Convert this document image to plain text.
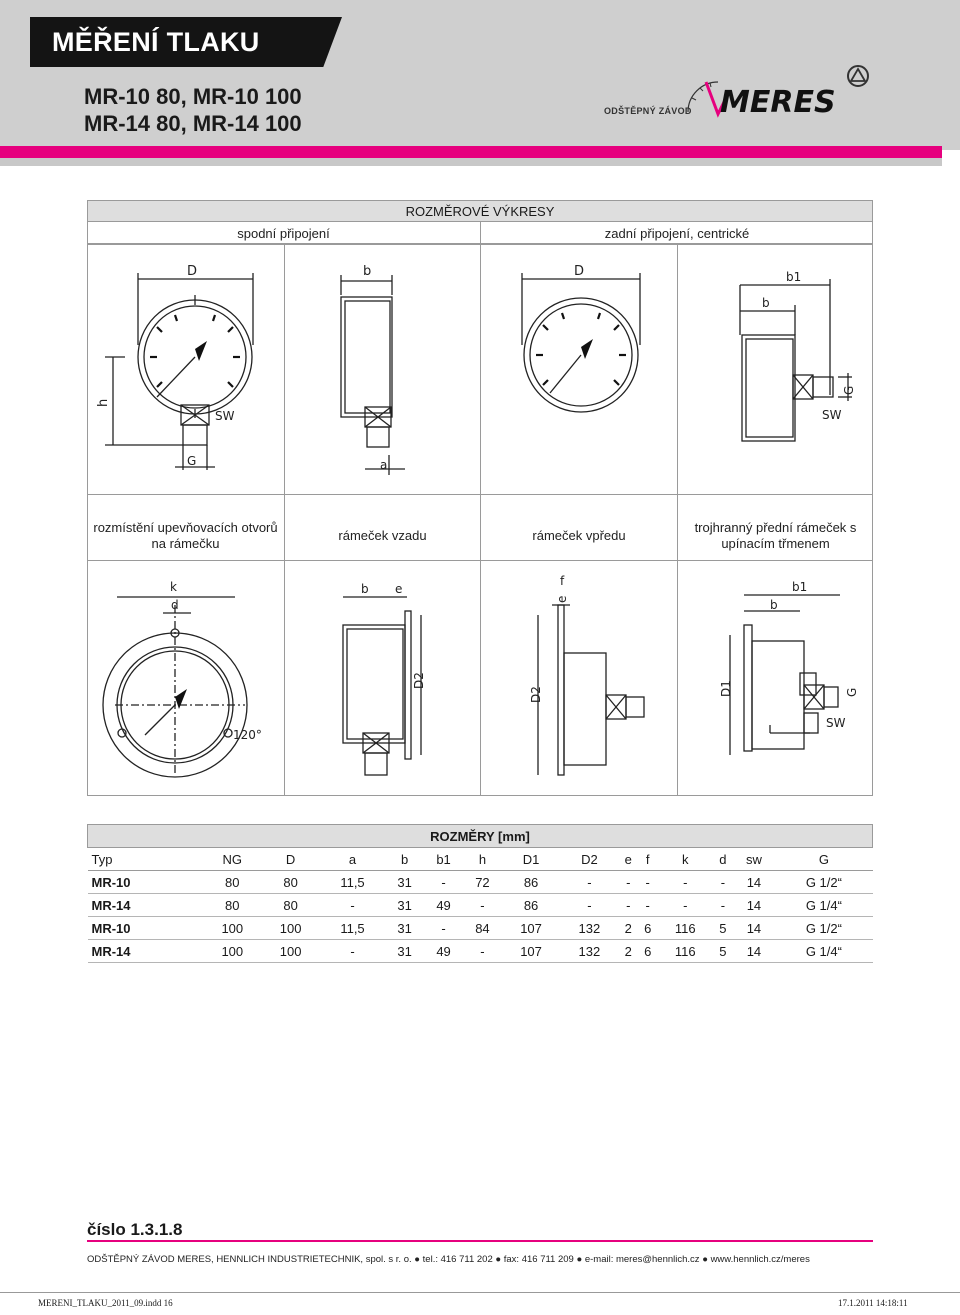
MĚŘENÍ TLAKU
MR-10 80, MR-10 100
MR-14 80, MR-14 100	ODŠTĚPNÝ ZÁVOD MERES
ROZMĚROVÉ VÝKRESY
spodní připojení	zadní připojení, centrické
rozmístění upevňovacích otvorů na rámečku
rámeček vzadu	rámeček vpředu
trojhranný přední rámeček s upínacím třmenem
D
h
SW
G
b
a
D	b1
b
SW
G
k
d
120°
b e
D2
f
e
D2
b1
b
SW
G
D1
ROZMĚRY [mm]														
Typ	NG	D	a	b	b1	h	D1	D2	e	f	k	d	sw	G
MR-10	80	80	11,5	31	-	72	86	-	-	-	-	-	14	G 1/2“
MR-14	80	80	-	31	49	-	86	-	-	-	-	-	14	G 1/4“
MR-10	100	100	11,5	31	-	84	107	132	2	6	116	5	14	G 1/2“
MR-14	100	100	-	31	49	-	107	132	2	6	116	5	14	G 1/4“
číslo 1.3.1.8
ODŠTĚPNÝ ZÁVOD MERES, HENNLICH INDUSTRIETECHNIK, spol. s r. o. ● tel.: 416 711 202 ● fax: 416 711 209 ● e-mail: meres@hennlich.cz ● www.hennlich.cz/meres
MERENI_TLAKU_2011_09.indd 16	17.1.2011 14:18:11
